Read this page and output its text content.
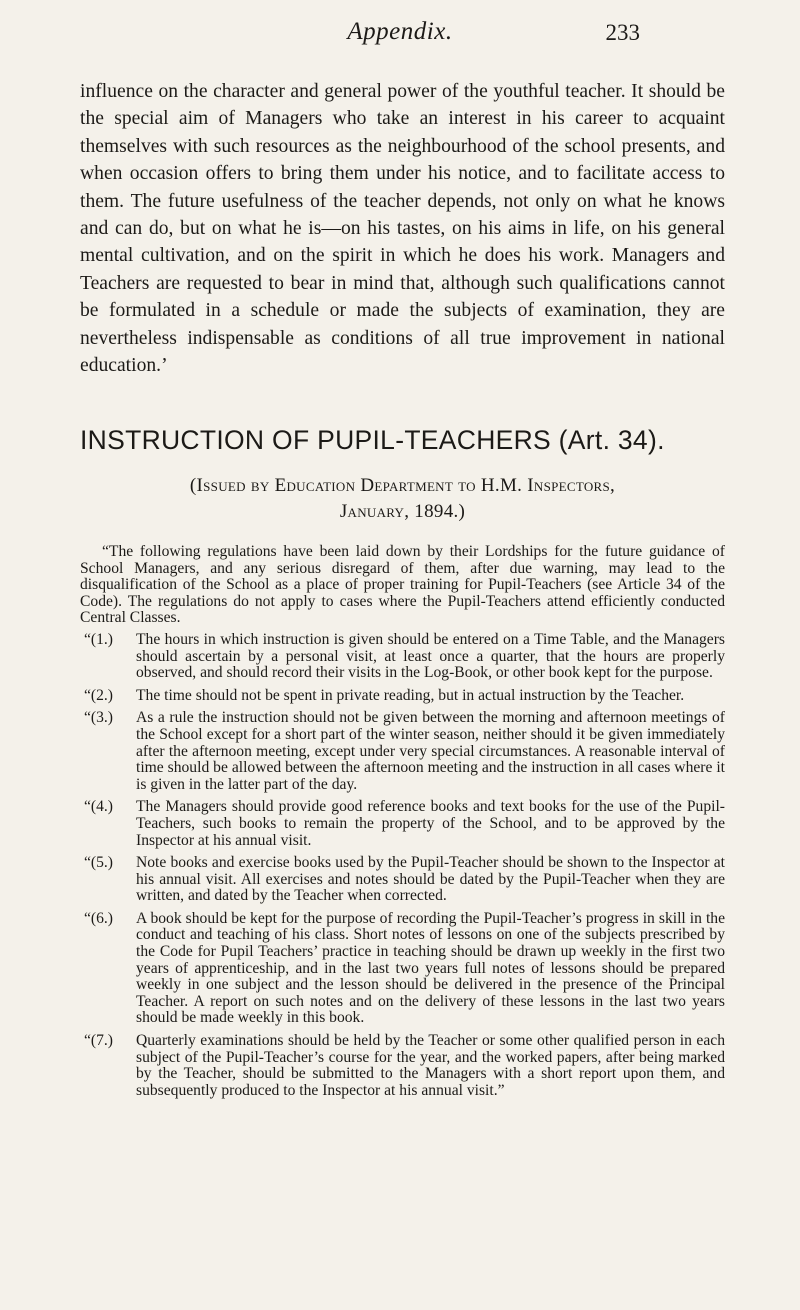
Appendix.	233
influence on the character and general power of the youthful teacher. It should be the special aim of Managers who take an interest in his career to acquaint themselves with such resources as the neighbourhood of the school presents, and when occasion offers to bring them under his notice, and to facilitate access to them. The future usefulness of the teacher depends, not only on what he knows and can do, but on what he is—on his tastes, on his aims in life, on his general mental cultivation, and on the spirit in which he does his work. Managers and Teachers are requested to bear in mind that, although such qualifications cannot be formulated in a schedule or made the subjects of examination, they are nevertheless indispensable as conditions of all true improvement in national education.’
INSTRUCTION OF PUPIL-TEACHERS (Art. 34).
(Issued by Education Department to H.M. Inspectors,
January, 1894.)

“The following regulations have been laid down by their Lordships for the future guidance of School Managers, and any serious disregard of them, after due warning, may lead to the disqualification of the School as a place of proper training for Pupil-Teachers (see Article 34 of the Code). The regulations do not apply to cases where the Pupil-Teachers attend efficiently conducted Central Classes.

“(1.)	The hours in which instruction is given should be entered on a Time Table, and the Managers should ascertain by a personal visit, at least once a quarter, that the hours are properly observed, and should record their visits in the Log-Book, or other book kept for the purpose.
“(2.)	The time should not be spent in private reading, but in actual instruction by the Teacher.
“(3.)	As a rule the instruction should not be given between the morning and afternoon meetings of the School except for a short part of the winter season, neither should it be given immediately after the afternoon meeting, except under very special circumstances. A reasonable interval of time should be allowed between the afternoon meeting and the instruction in all cases where it is given in the latter part of the day.
“(4.)	The Managers should provide good reference books and text books for the use of the Pupil-Teachers, such books to remain the property of the School, and to be approved by the Inspector at his annual visit.
“(5.)	Note books and exercise books used by the Pupil-Teacher should be shown to the Inspector at his annual visit. All exercises and notes should be dated by the Pupil-Teacher when they are written, and dated by the Teacher when corrected.
“(6.)	A book should be kept for the purpose of recording the Pupil-Teacher’s progress in skill in the conduct and teaching of his class. Short notes of lessons on one of the subjects prescribed by the Code for Pupil Teachers’ practice in teaching should be drawn up weekly in the first two years of apprenticeship, and in the last two years full notes of lessons should be prepared weekly in one subject and the lesson should be delivered in the presence of the Principal Teacher. A report on such notes and on the delivery of these lessons in the last two years should be made weekly in this book.
“(7.)	Quarterly examinations should be held by the Teacher or some other qualified person in each subject of the Pupil-Teacher’s course for the year, and the worked papers, after being marked by the Teacher, should be submitted to the Managers with a short report upon them, and subsequently produced to the Inspector at his annual visit.”
